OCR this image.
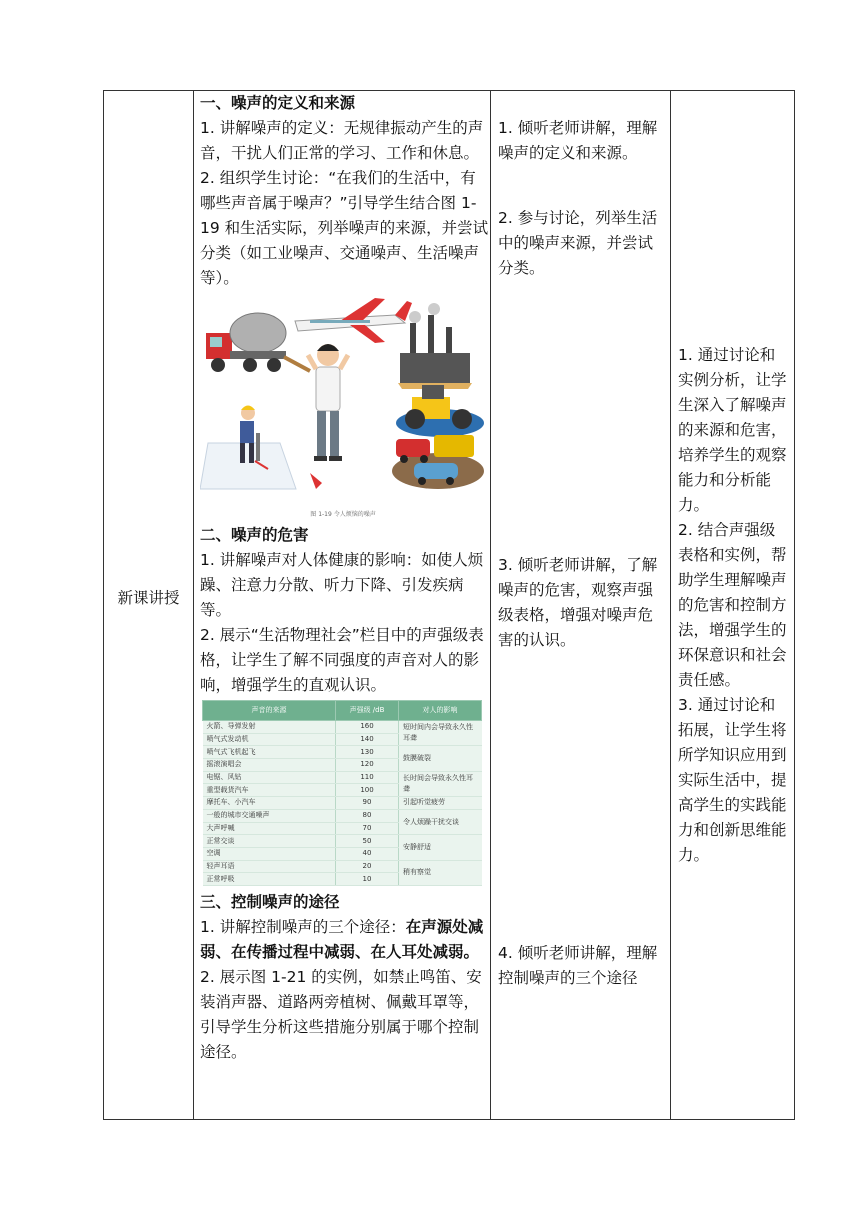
新课讲授

一、噪声的定义和来源

1. 讲解噪声的定义：无规律振动产生的声音，干扰人们正常的学习、工作和休息。

2. 组织学生讨论：“在我们的生活中，有哪些声音属于噪声？”引导学生结合图 1-19 和生活实际，列举噪声的来源，并尝试分类（如工业噪声、交通噪声、生活噪声等）。

图 1-19 令人烦恼的噪声

二、噪声的危害

1. 讲解噪声对人体健康的影响：如使人烦躁、注意力分散、听力下降、引发疾病等。

2. 展示“生活物理社会”栏目中的声强级表格，让学生了解不同强度的声音对人的影响，增强学生的直观认识。

声音的来源	声强级 /dB	对人的影响
火箭、导弹发射	160	短时间内会导致永久性耳聋
喷气式发动机	140	
喷气式飞机起飞	130	鼓膜破裂
摇滚演唱会	120	
电锯、风钻	110	长时间会导致永久性耳聋
重型载货汽车	100	
摩托车、小汽车	90	引起听觉疲劳
一般的城市交通噪声	80	令人烦躁干扰交谈
大声呼喊	70	
正常交谈	50	安静舒适
空调	40	
轻声耳语	20	稍有察觉
正常呼吸	10	

三、控制噪声的途径

1. 讲解控制噪声的三个途径：在声源处减弱、在传播过程中减弱、在人耳处减弱。

2. 展示图 1-21 的实例，如禁止鸣笛、安装消声器、道路两旁植树、佩戴耳罩等，引导学生分析这些措施分别属于哪个控制途径。

1. 倾听老师讲解，理解噪声的定义和来源。

2. 参与讨论，列举生活中的噪声来源，并尝试分类。

3. 倾听老师讲解，了解噪声的危害，观察声强级表格，增强对噪声危害的认识。

4. 倾听老师讲解，理解控制噪声的三个途径

1. 通过讨论和实例分析，让学生深入了解噪声的来源和危害，培养学生的观察能力和分析能力。

2. 结合声强级表格和实例，帮助学生理解噪声的危害和控制方法，增强学生的环保意识和社会责任感。

3. 通过讨论和拓展，让学生将所学知识应用到实际生活中，提高学生的实践能力和创新思维能力。
